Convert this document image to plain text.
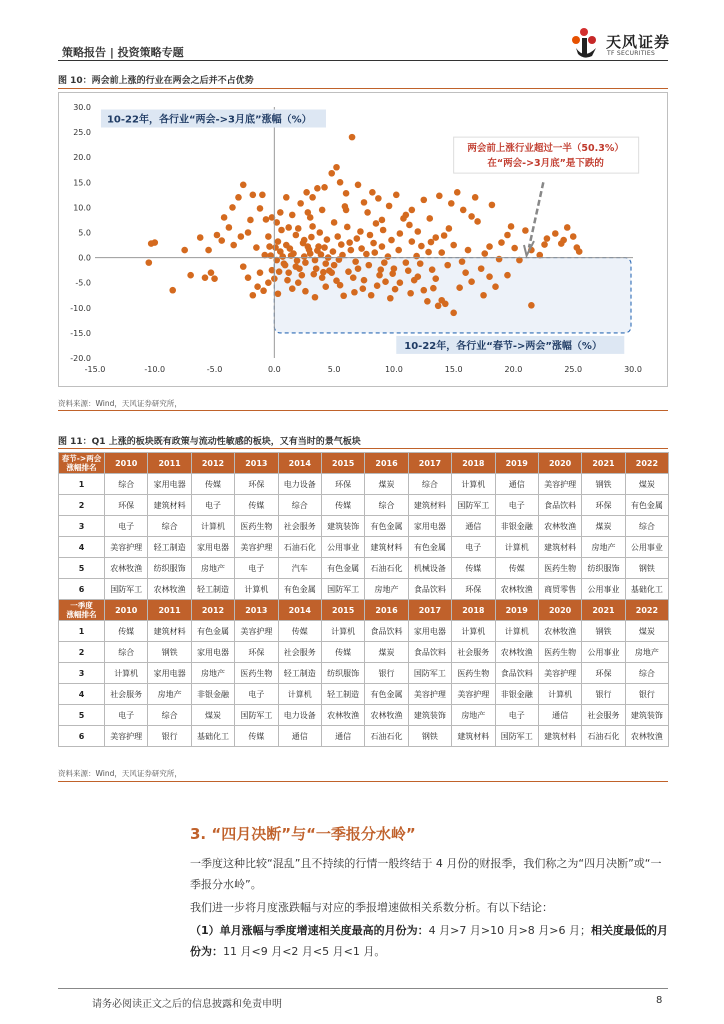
策略报告 | 投资策略专题
天风证券
TF SECURITIES
图 10：两会前上涨的行业在两会之后并不占优势
30.0
25.0
20.0
15.0
10.0
5.0
0.0
-5.0
-10.0
-15.0
-20.0
-15.0	-10.0	-5.0	0.0	5.0	10.0	15.0	20.0	25.0	30.0
10-22年，各行业“两会->3月底”涨幅（%）
10-22年，各行业“春节->两会”涨幅（%）
两会前上涨行业超过一半（50.3%）
在“两会->3月底”是下跌的
资料来源：Wind，天风证券研究所，
图 11：Q1 上涨的板块既有政策与流动性敏感的板块，又有当时的景气板块
春节->两会
涨幅排名	2010	2011	2012	2013	2014	2015	2016	2017	2018	2019	2020	2021	2022
1	综合	家用电器	传媒	环保	电力设备	环保	煤炭	综合	计算机	通信	美容护理	钢铁	煤炭
2	环保	建筑材料	电子	传媒	综合	传媒	综合	建筑材料	国防军工	电子	食品饮料	环保	有色金属
3	电子	综合	计算机	医药生物	社会服务	建筑装饰	有色金属	家用电器	通信	非银金融	农林牧渔	煤炭	综合
4	美容护理	轻工制造	家用电器	美容护理	石油石化	公用事业	建筑材料	有色金属	电子	计算机	建筑材料	房地产	公用事业
5	农林牧渔	纺织服饰	房地产	电子	汽车	有色金属	石油石化	机械设备	传媒	传媒	医药生物	纺织服饰	钢铁
6	国防军工	农林牧渔	轻工制造	计算机	有色金属	国防军工	房地产	食品饮料	环保	农林牧渔	商贸零售	公用事业	基础化工

一季度
涨幅排名	2010	2011	2012	2013	2014	2015	2016	2017	2018	2019	2020	2021	2022
1	传媒	建筑材料	有色金属	美容护理	传媒	计算机	食品饮料	家用电器	计算机	计算机	农林牧渔	钢铁	煤炭
2	综合	钢铁	家用电器	环保	社会服务	传媒	煤炭	食品饮料	社会服务	农林牧渔	医药生物	公用事业	房地产
3	计算机	家用电器	房地产	医药生物	轻工制造	纺织服饰	银行	国防军工	医药生物	食品饮料	美容护理	环保	综合
4	社会服务	房地产	非银金融	电子	计算机	轻工制造	有色金属	美容护理	美容护理	非银金融	计算机	银行	银行
5	电子	综合	煤炭	国防军工	电力设备	农林牧渔	农林牧渔	建筑装饰	房地产	电子	通信	社会服务	建筑装饰
6	美容护理	银行	基础化工	传媒	通信	通信	石油石化	钢铁	建筑材料	国防军工	建筑材料	石油石化	农林牧渔
资料来源：Wind，天风证券研究所，
3. “四月决断”与“一季报分水岭”
一季度这种比较“混乱”且不持续的行情一般终结于 4 月份的财报季，我们称之为“四月决断”或“一季报分水岭”。
我们进一步将月度涨跌幅与对应的季报增速做相关系数分析。有以下结论：
（1）单月涨幅与季度增速相关度最高的月份为：4 月>7 月>10 月>8 月>6 月；相关度最低的月份为：11 月<9 月<2 月<5 月<1 月。
请务必阅读正文之后的信息披露和免责申明	8
